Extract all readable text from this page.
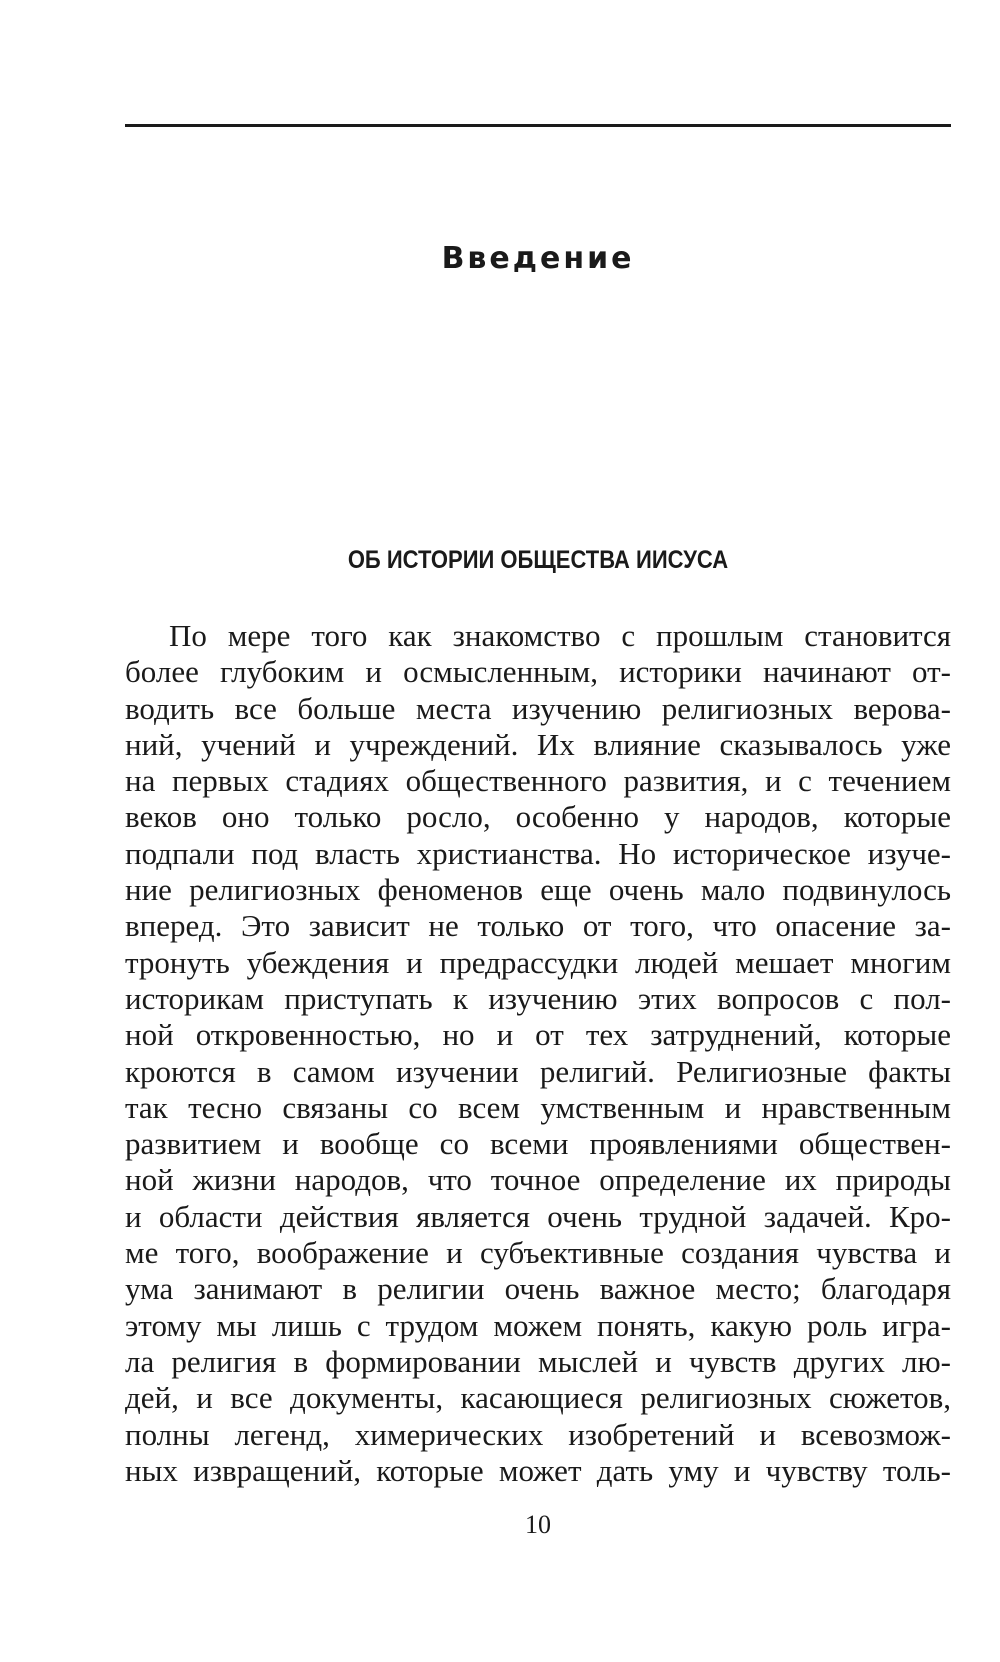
Введение
ОБ ИСТОРИИ ОБЩЕСТВА ИИСУСА
По мере того как знакомство с прошлым становится
более глубоким и осмысленным, историки начинают от-
водить все больше места изучению религиозных верова-
ний, учений и учреждений. Их влияние сказывалось уже
на первых стадиях общественного развития, и с течением
веков оно только росло, особенно у народов, которые
подпали под власть христианства. Но историческое изуче-
ние религиозных феноменов еще очень мало подвинулось
вперед. Это зависит не только от того, что опасение за-
тронуть убеждения и предрассудки людей мешает многим
историкам приступать к изучению этих вопросов с пол-
ной откровенностью, но и от тех затруднений, которые
кроются в самом изучении религий. Религиозные факты
так тесно связаны со всем умственным и нравственным
развитием и вообще со всеми проявлениями обществен-
ной жизни народов, что точное определение их природы
и области действия является очень трудной задачей. Кро-
ме того, воображение и субъективные создания чувства и
ума занимают в религии очень важное место; благодаря
этому мы лишь с трудом можем понять, какую роль игра-
ла религия в формировании мыслей и чувств других лю-
дей, и все документы, касающиеся религиозных сюжетов,
полны легенд, химерических изобретений и всевозмож-
ных извращений, которые может дать уму и чувству толь-
10
